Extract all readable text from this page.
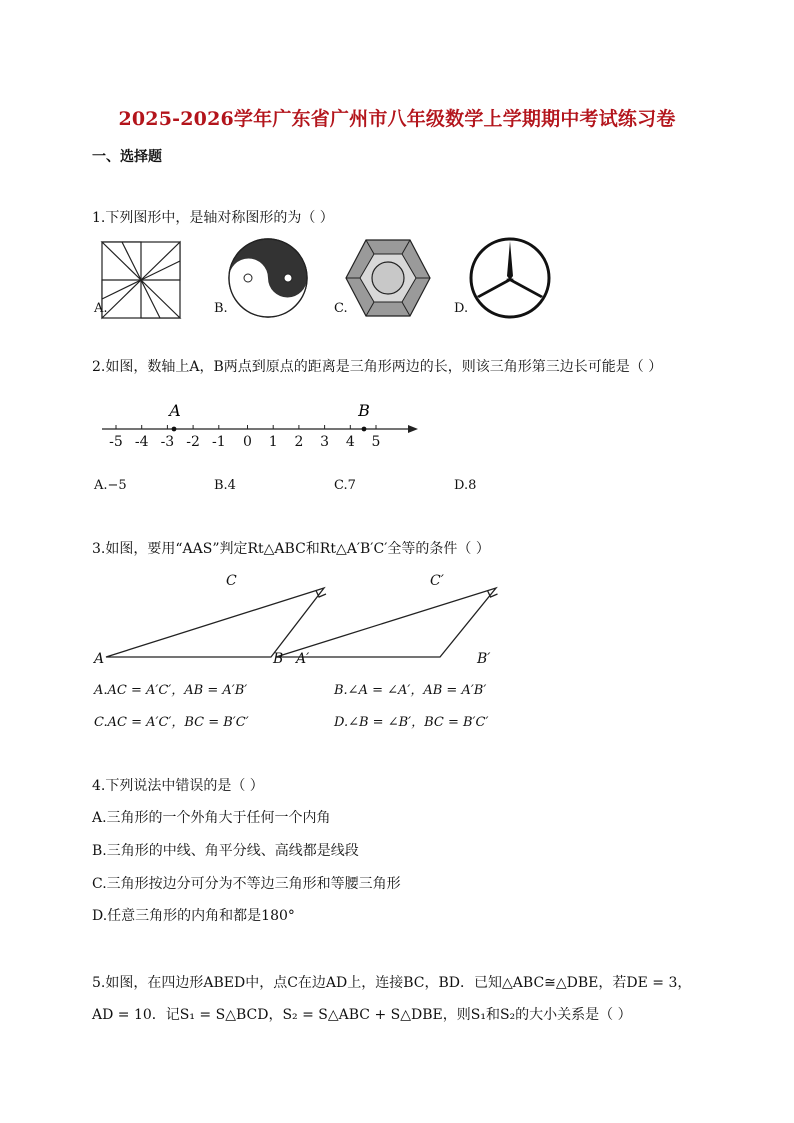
2025-2026学年广东省广州市八年级数学上学期期中考试练习卷
一、选择题
1.下列图形中，是轴对称图形的为（ ）
A.	B.	C.	D.
2.如图，数轴上A，B两点到原点的距离是三角形两边的长，则该三角形第三边长可能是（ ）
-5 -4 -3 -2 -1 0 1 2 3 4 5
A	B
A.−5	B.4	C.7	D.8
3.如图，要用“AAS”判定Rt△ABC和Rt△A′B′C′全等的条件（ ）
A	B
C
A′	B′
C′
A.AC = A′C′，AB = A′B′	B.∠A = ∠A′，AB = A′B′
C.AC = A′C′，BC = B′C′	D.∠B = ∠B′，BC = B′C′
4.下列说法中错误的是（ ）
A.三角形的一个外角大于任何一个内角
B.三角形的中线、角平分线、高线都是线段
C.三角形按边分可分为不等边三角形和等腰三角形
D.任意三角形的内角和都是180°
5.如图，在四边形ABED中，点C在边AD上，连接BC，BD．已知△ABC≅△DBE，若DE = 3，
AD = 10．记S₁ = S△BCD，S₂ = S△ABC + S△DBE，则S₁和S₂的大小关系是（ ）
